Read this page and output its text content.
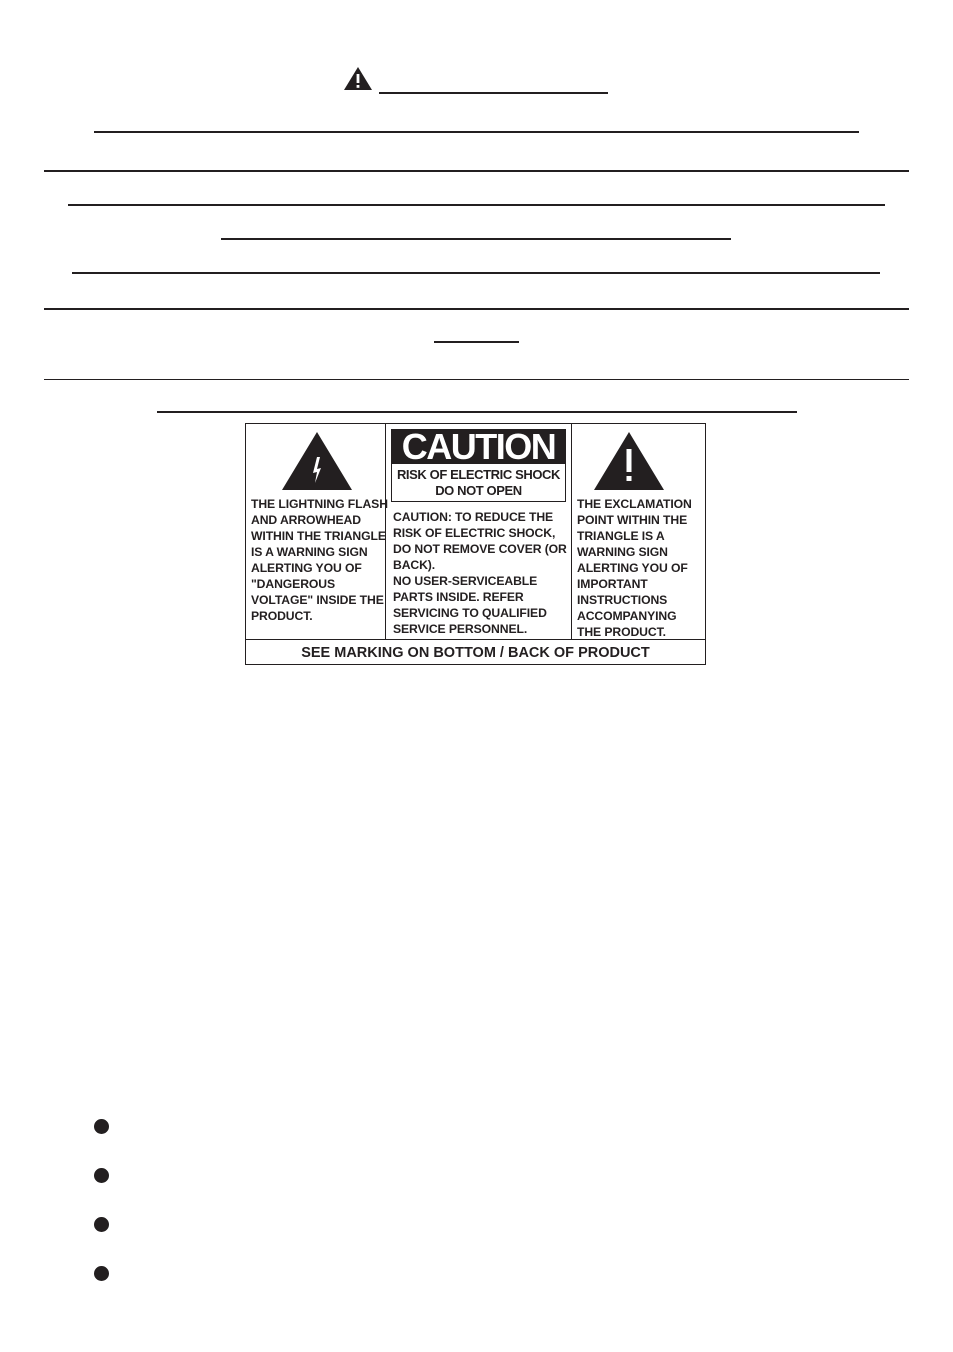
THE LIGHTNING FLASH
AND ARROWHEAD
WITHIN THE TRIANGLE
IS A WARNING SIGN
ALERTING YOU OF
"DANGEROUS
VOLTAGE" INSIDE THE
PRODUCT.
CAUTION
RISK OF ELECTRIC SHOCK
DO NOT OPEN
CAUTION: TO REDUCE THE
RISK OF ELECTRIC SHOCK,
DO NOT REMOVE COVER (OR
BACK).
NO USER-SERVICEABLE
PARTS INSIDE. REFER
SERVICING TO QUALIFIED
SERVICE PERSONNEL.
THE EXCLAMATION
POINT WITHIN THE
TRIANGLE IS A
WARNING SIGN
ALERTING YOU OF
IMPORTANT
INSTRUCTIONS
ACCOMPANYING
THE PRODUCT.
SEE MARKING ON BOTTOM / BACK OF PRODUCT
